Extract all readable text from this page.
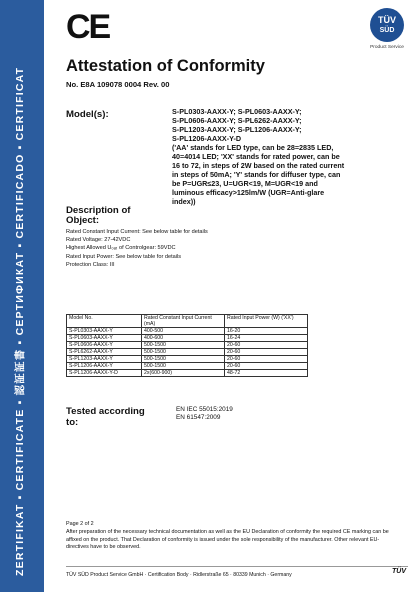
ZERTIFIKAT ▪ CERTIFICATE ▪ 認証証書 ▪ СЕРТИФИКАТ ▪ CERTIFICADO ▪ CERTIFICAT
CE	TÜV
SÜD
Product Service
Attestation of Conformity
No. E8A 109078 0004 Rev. 00
Model(s):	S-PL0303-AAXX-Y; S-PL0603-AAXX-Y;
S-PL0606-AAXX-Y; S-PL6262-AAXX-Y;
S-PL1203-AAXX-Y; S-PL1206-AAXX-Y;
S-PL1206-AAXX-Y-D
('AA' stands for LED type, can be 28=2835 LED,
40=4014 LED; 'XX' stands for rated power, can be
16 to 72, in steps of 2W based on the rated current
in steps of 50mA; 'Y' stands for diffuser type, can
be P=UGR≤23, U=UGR<19, M=UGR<19 and
luminous efficacy>125lm/W (UGR=Anti-glare
index))
Description of Object:
Rated Constant Input Current: See below table for details
Rated Voltage: 27-42VDC
Highest Allowed U₀ₐₜ of Controlgear: 59VDC
Rated Input Power: See below table for details
Protection Class: III
Model No.	Rated Constant Input Current (mA)	Rated Input Power (W) ('XX')
S-PL0303-AAXX-Y	400-500	16-20
S-PL0603-AAXX-Y	400-600	16-24
S-PL0606-AAXX-Y	500-1500	20-60
S-PL6262-AAXX-Y	500-1500	20-60
S-PL1203-AAXX-Y	500-1500	20-60
S-PL1206-AAXX-Y	500-1500	20-60
S-PL1206-AAXX-Y-D	2x(600-900)	48-72
Tested according to:
EN IEC 55015:2019
EN 61547:2009
Page 2 of 2
After preparation of the necessary technical documentation as well as the EU Declaration of conformity the required CE marking can be affixed on the product. That Declaration of conformity is issued under the sole responsibility of the manufacturer. Other relevant EU-directives have to be observed.
TÜV SÜD Product Service GmbH · Certification Body · Ridlerstraße 65 · 80339 Munich · Germany	TÜV
